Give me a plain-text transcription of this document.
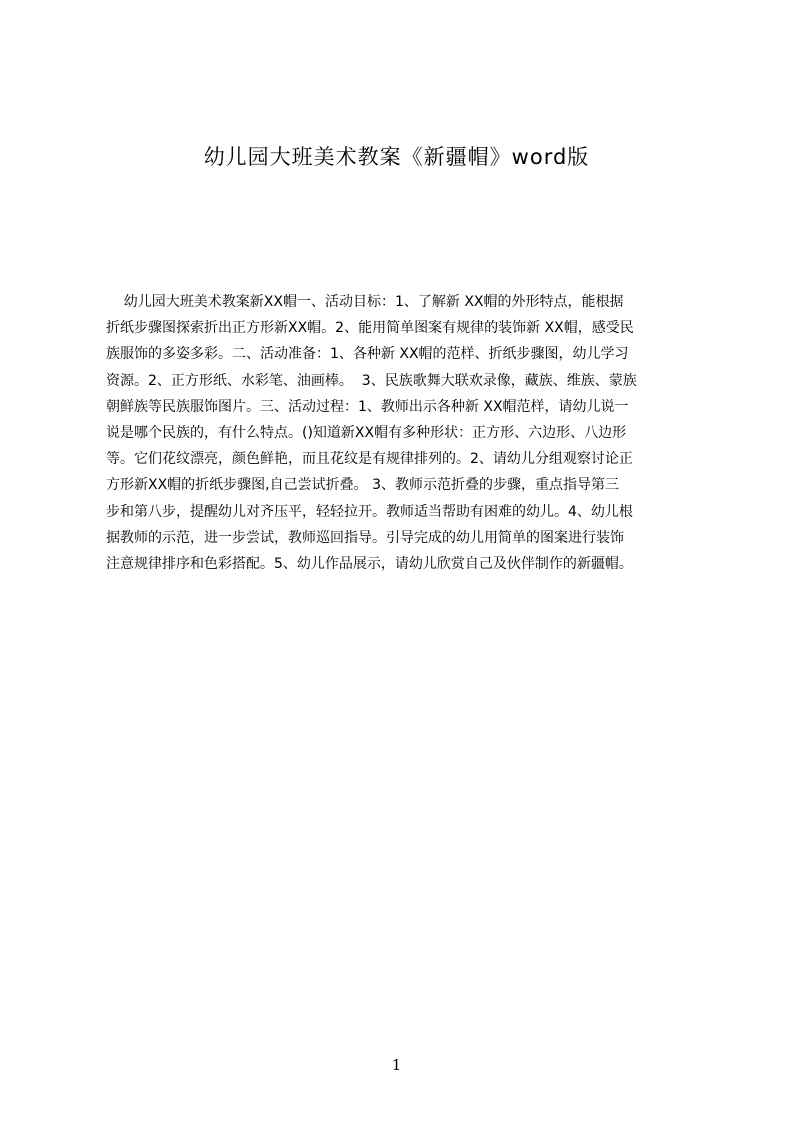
幼儿园大班美术教案《新疆帽》word版
幼儿园大班美术教案新XX帽一、活动目标：1、了解新 XX帽的外形特点，能根据
折纸步骤图探索折出正方形新XX帽。2、能用简单图案有规律的装饰新 XX帽，感受民
族服饰的多姿多彩。二、活动准备：1、各种新 XX帽的范样、折纸步骤图，幼儿学习
资源。2、正方形纸、水彩笔、油画棒。  3、民族歌舞大联欢录像，藏族、维族、蒙族
朝鲜族等民族服饰图片。三、活动过程：1、教师出示各种新 XX帽范样，请幼儿说一
说是哪个民族的，有什么特点。()知道新XX帽有多种形状：正方形、六边形、八边形
等。它们花纹漂亮，颜色鲜艳，而且花纹是有规律排列的。2、请幼儿分组观察讨论正
方形新XX帽的折纸步骤图,自己尝试折叠。 3、教师示范折叠的步骤，重点指导第三
步和第八步，提醒幼儿对齐压平，轻轻拉开。教师适当帮助有困难的幼儿。4、幼儿根
据教师的示范，进一步尝试，教师巡回指导。引导完成的幼儿用简单的图案进行装饰
注意规律排序和色彩搭配。5、幼儿作品展示，请幼儿欣赏自己及伙伴制作的新疆帽。
1
